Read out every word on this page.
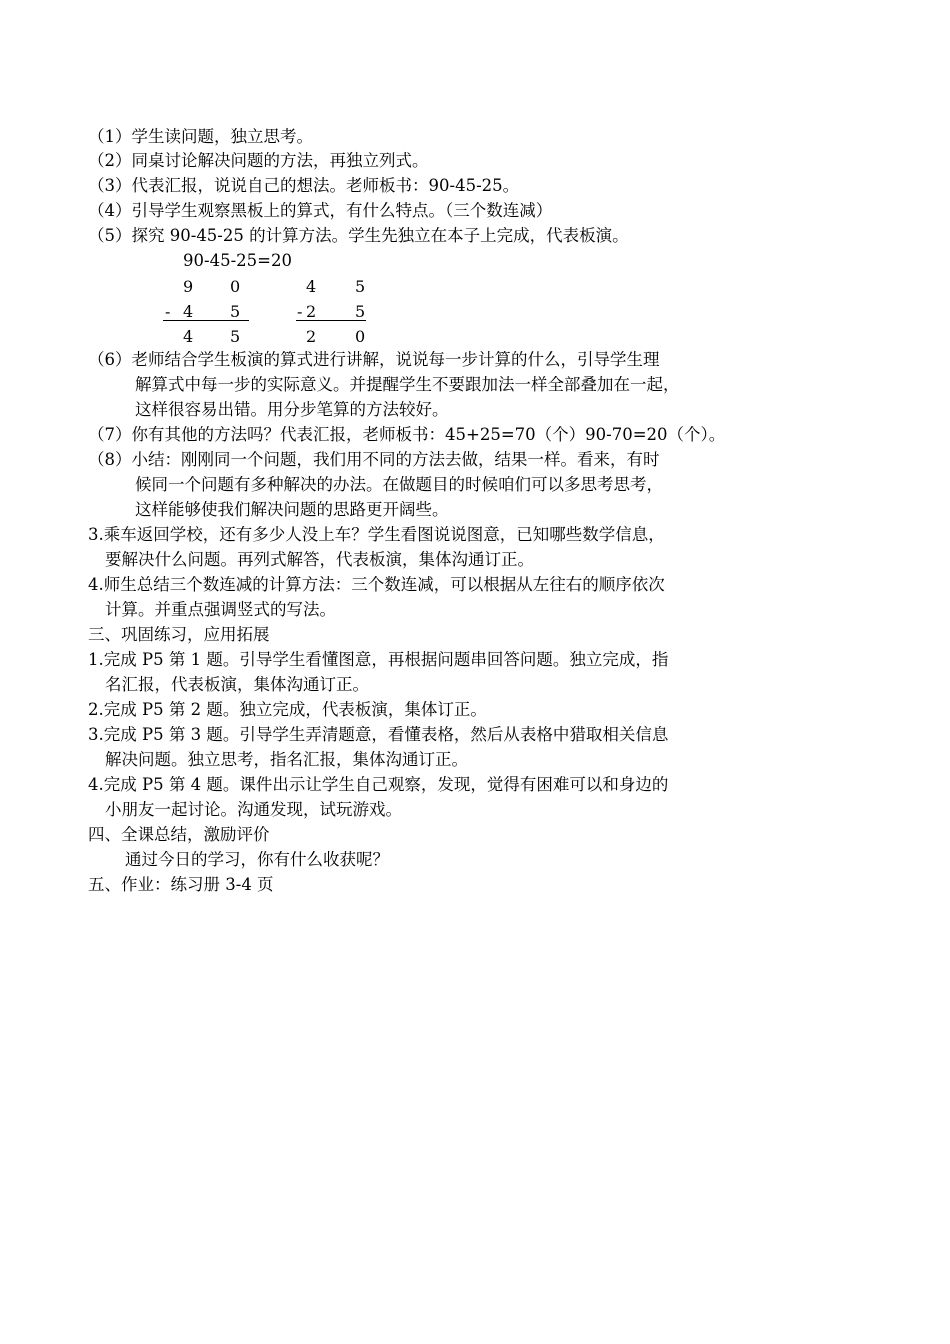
（1）学生读问题，独立思考。
（2）同桌讨论解决问题的方法，再独立列式。
（3）代表汇报，说说自己的想法。老师板书：90-45-25。
（4）引导学生观察黑板上的算式，有什么特点。（三个数连减）
（5）探究 90-45-25 的计算方法。学生先独立在本子上完成，代表板演。
90-45-25=20
9 0
- 4 5
4 5
4 5
- 2 5
2 0
（6）老师结合学生板演的算式进行讲解，说说每一步计算的什么，引导学生理
解算式中每一步的实际意义。并提醒学生不要跟加法一样全部叠加在一起，
这样很容易出错。用分步笔算的方法较好。
（7）你有其他的方法吗？代表汇报，老师板书：45+25=70（个）90-70=20（个）。
（8）小结：刚刚同一个问题，我们用不同的方法去做，结果一样。看来，有时
候同一个问题有多种解决的办法。在做题目的时候咱们可以多思考思考，
这样能够使我们解决问题的思路更开阔些。
3.乘车返回学校，还有多少人没上车？学生看图说说图意，已知哪些数学信息，
要解决什么问题。再列式解答，代表板演，集体沟通订正。
4.师生总结三个数连减的计算方法：三个数连减，可以根据从左往右的顺序依次
计算。并重点强调竖式的写法。
三、巩固练习，应用拓展
1.完成 P5 第 1 题。引导学生看懂图意，再根据问题串回答问题。独立完成，指
名汇报，代表板演，集体沟通订正。
2.完成 P5 第 2 题。独立完成，代表板演，集体订正。
3.完成 P5 第 3 题。引导学生弄清题意，看懂表格，然后从表格中猎取相关信息
解决问题。独立思考，指名汇报，集体沟通订正。
4.完成 P5 第 4 题。课件出示让学生自己观察，发现，觉得有困难可以和身边的
小朋友一起讨论。沟通发现，试玩游戏。
四、全课总结，激励评价
通过今日的学习，你有什么收获呢？
五、作业：练习册 3-4 页
